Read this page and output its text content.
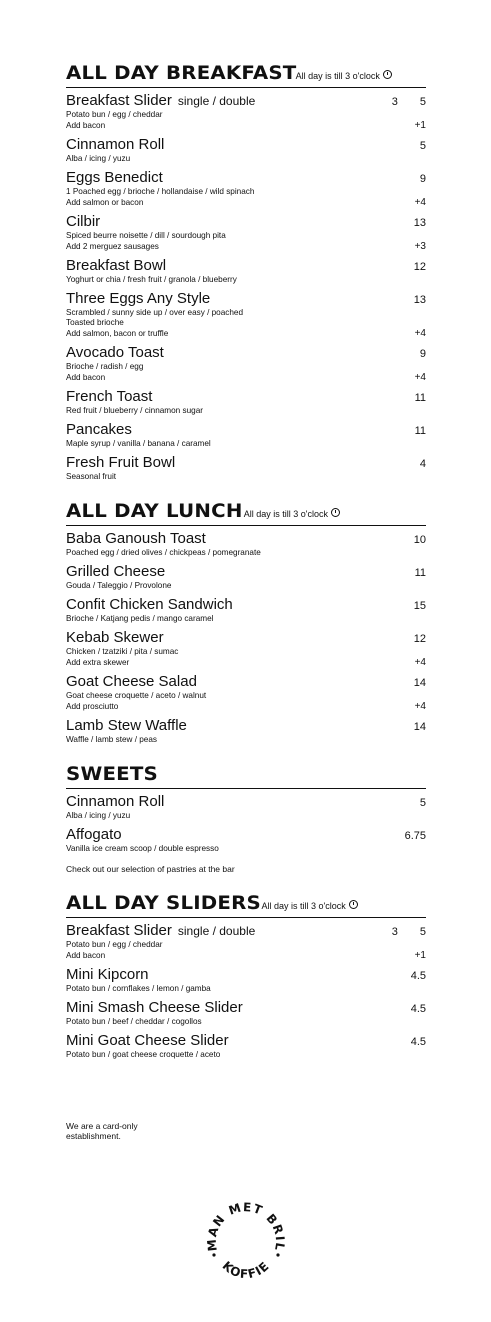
ALL DAY BREAKFAST All day is till 3 o'clock
Breakfast Slider single / double	3 5
Potato bun / egg / cheddar
Add bacon	+1
Cinnamon Roll	5
Alba / icing / yuzu
Eggs Benedict	9
1 Poached egg / brioche / hollandaise / wild spinach
Add salmon or bacon	+4
Cilbir	13
Spiced beurre noisette / dill / sourdough pita
Add 2 merguez sausages	+3
Breakfast Bowl	12
Yoghurt or chia / fresh fruit / granola / blueberry
Three Eggs Any Style	13
Scrambled / sunny side up / over easy / poached
Toasted brioche
Add salmon, bacon or truffle	+4
Avocado Toast	9
Brioche / radish / egg
Add bacon	+4
French Toast	11
Red fruit / blueberry / cinnamon sugar
Pancakes	11
Maple syrup / vanilla / banana / caramel
Fresh Fruit Bowl	4
Seasonal fruit
ALL DAY LUNCH All day is till 3 o'clock
Baba Ganoush Toast	10
Poached egg / dried olives / chickpeas / pomegranate
Grilled Cheese	11
Gouda / Taleggio / Provolone
Confit Chicken Sandwich	15
Brioche / Katjang pedis / mango caramel
Kebab Skewer	12
Chicken / tzatziki / pita / sumac
Add extra skewer	+4
Goat Cheese Salad	14
Goat cheese croquette / aceto / walnut
Add prosciutto	+4
Lamb Stew Waffle	14
Waffle / lamb stew / peas
SWEETS
Cinnamon Roll	5
Alba / icing / yuzu
Affogato	6.75
Vanilla ice cream scoop / double espresso
Check out our selection of pastries at the bar
ALL DAY SLIDERS All day is till 3 o'clock
Breakfast Slider single / double	3 5
Potato bun / egg / cheddar
Add bacon	+1
Mini Kipcorn	4.5
Potato bun / cornflakes / lemon / gamba
Mini Smash Cheese Slider	4.5
Potato bun / beef / cheddar / cogollos
Mini Goat Cheese Slider	4.5
Potato bun / goat cheese croquette / aceto
We are a card-only establishment.
MAN MET BRIL
KOFFIE
